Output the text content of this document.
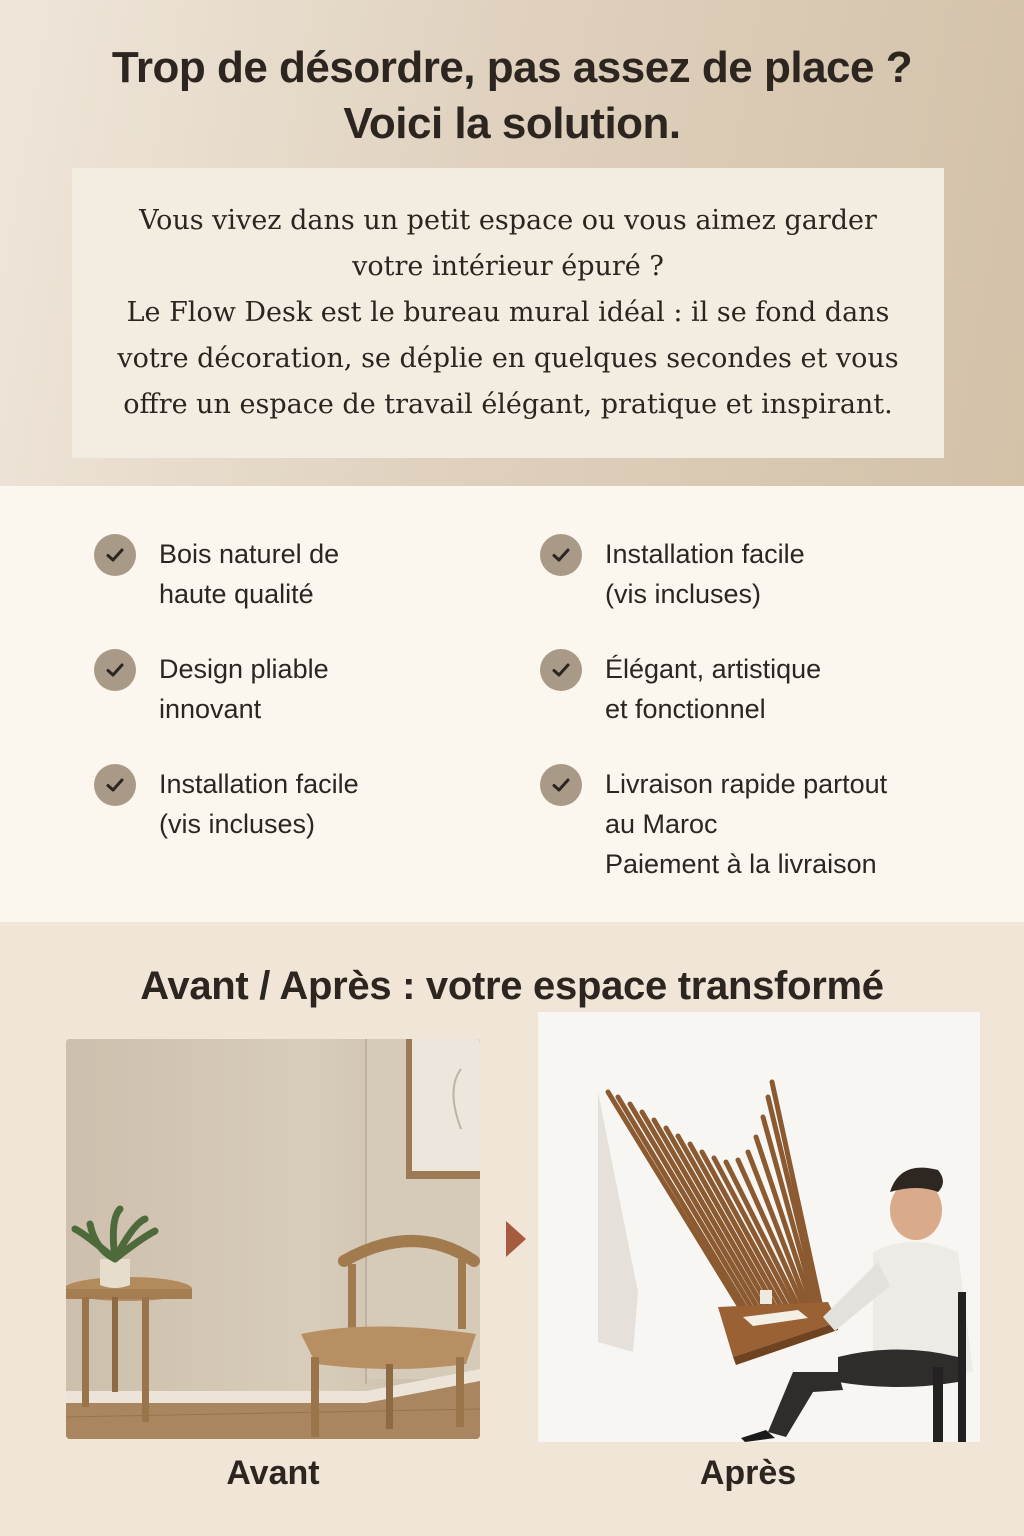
Trop de désordre, pas assez de place ?
Voici la solution.

Vous vivez dans un petit espace ou vous aimez garder
votre intérieur épuré ?
Le Flow Desk est le bureau mural idéal : il se fond dans
votre décoration, se déplie en quelques secondes et vous
offre un espace de travail élégant, pratique et inspirant.

Bois naturel de
haute qualité
Installation facile
(vis incluses)
Design pliable
innovant
Élégant, artistique
et fonctionnel
Installation facile
(vis incluses)
Livraison rapide partout
au Maroc
Paiement à la livraison
Avant / Après : votre espace transformé
Avant	Après
